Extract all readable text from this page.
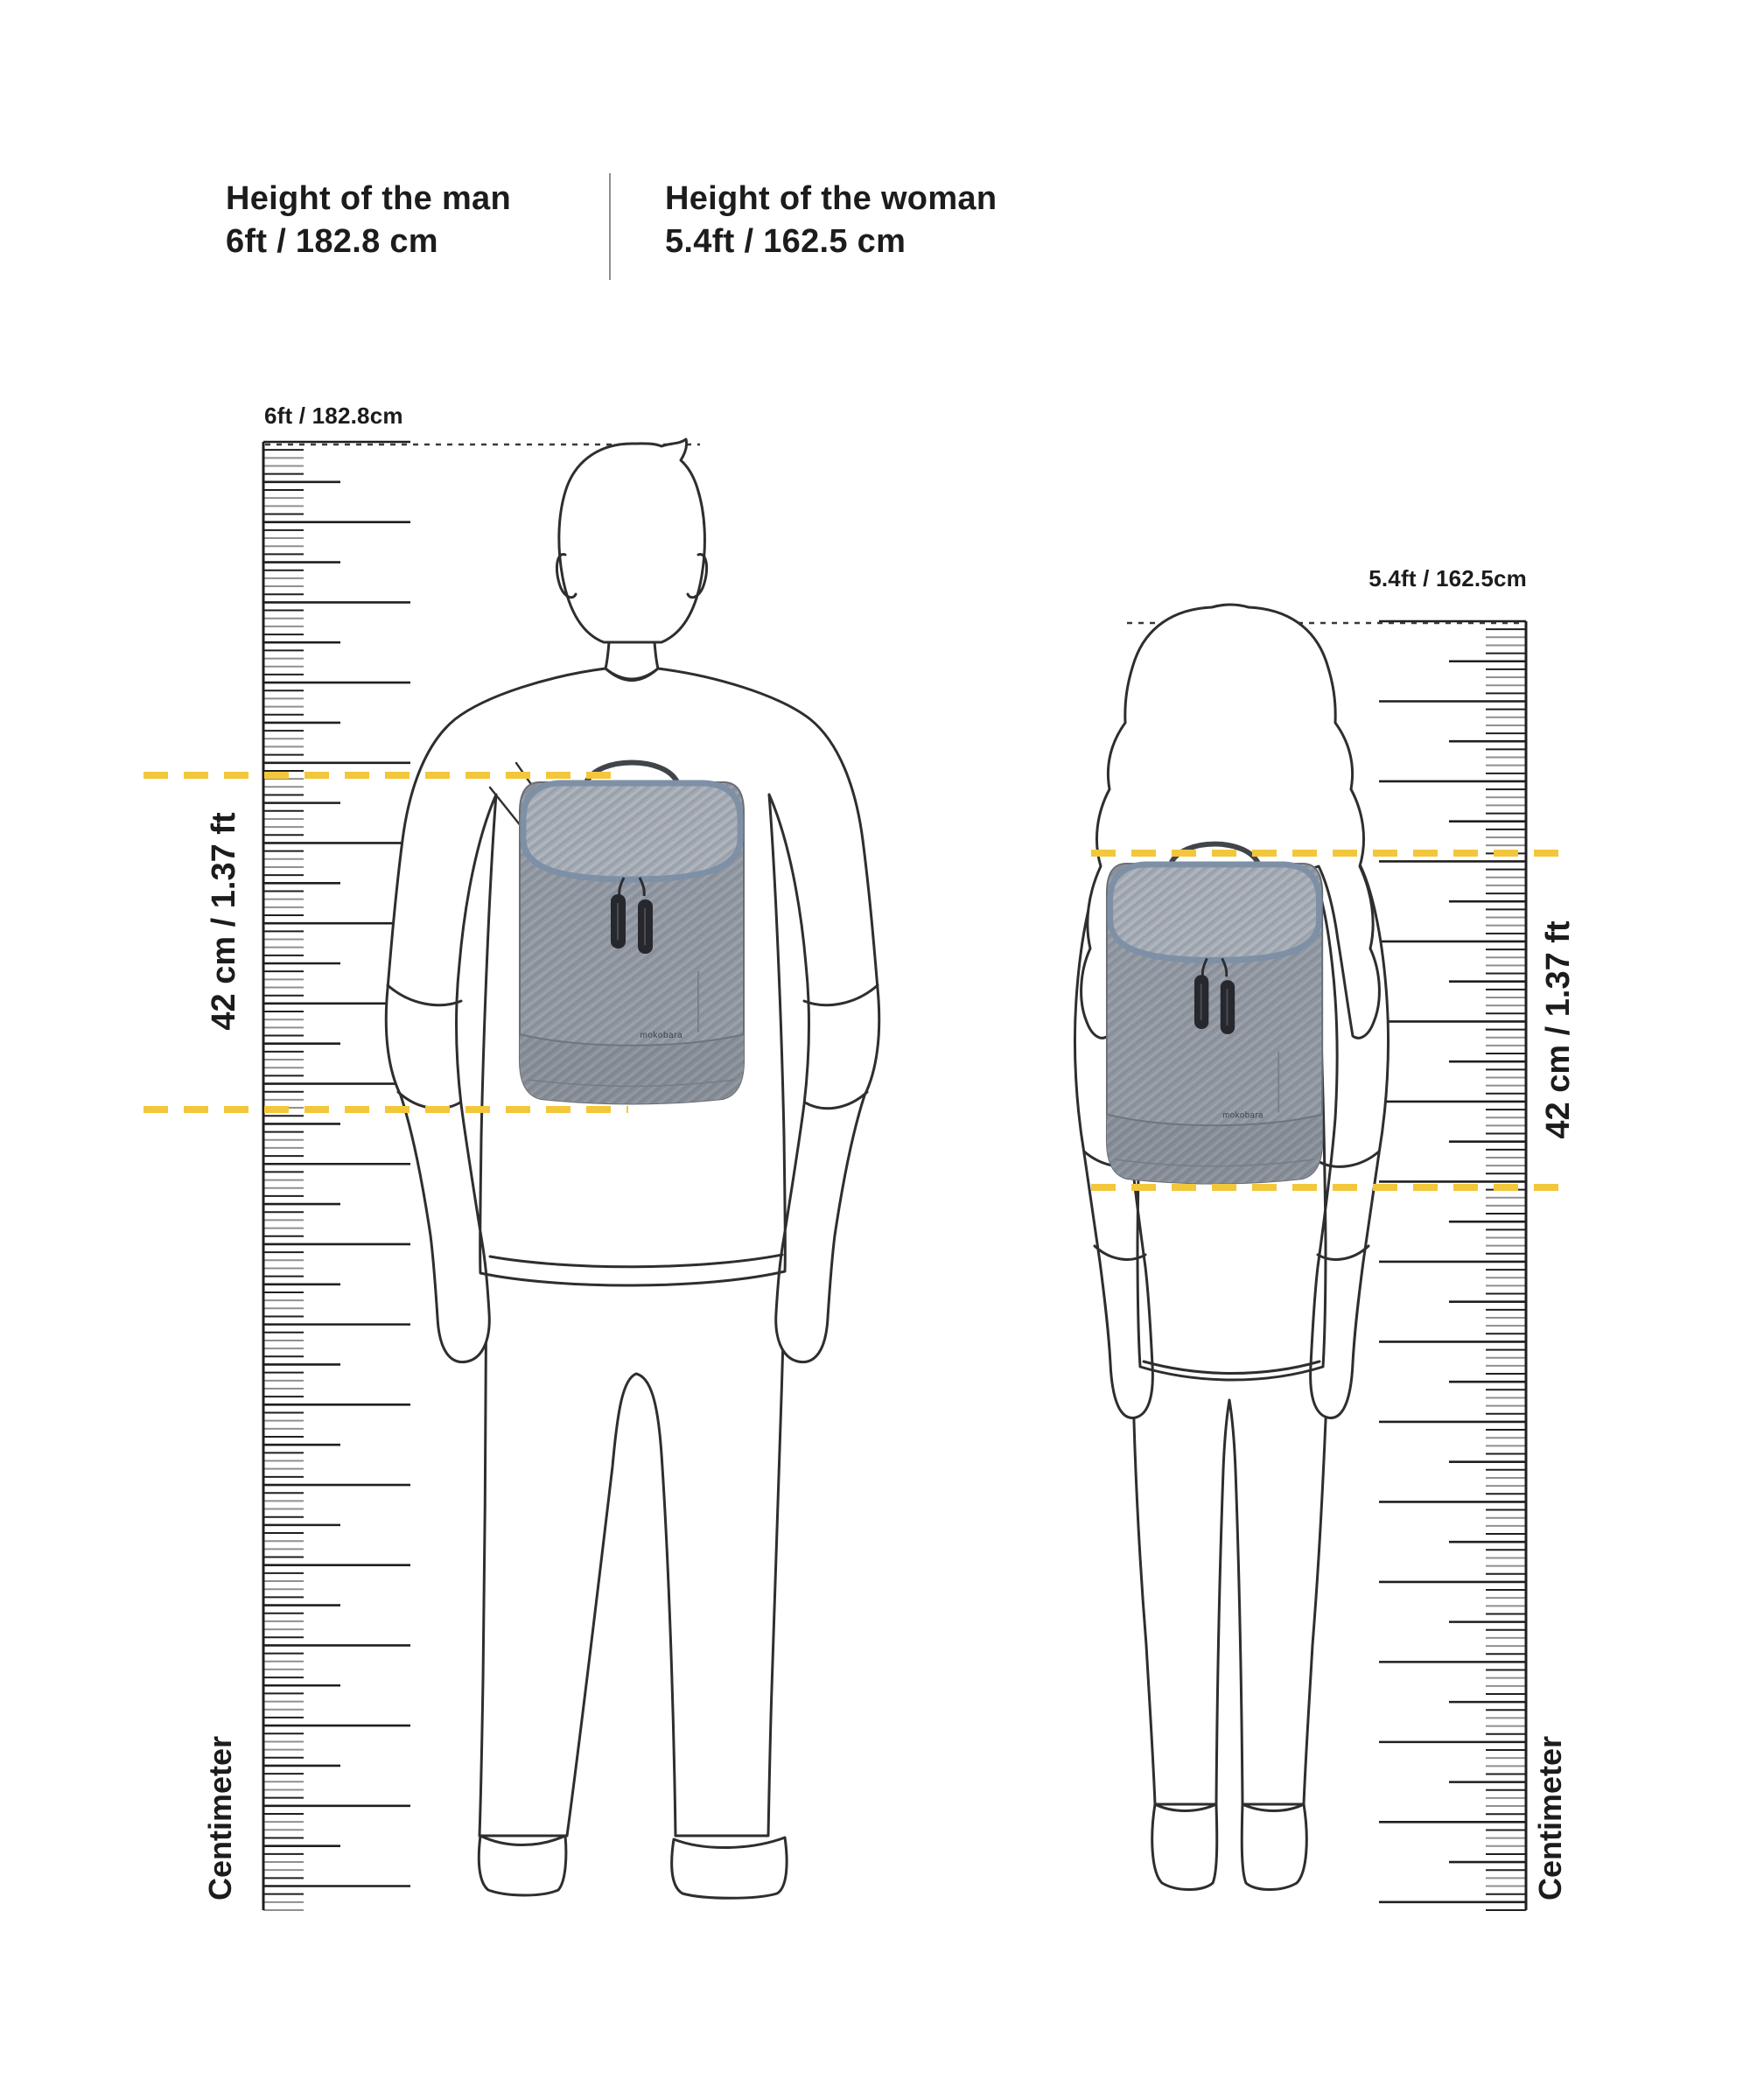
Height of the man
6ft / 182.8 cm
Height of the woman
5.4ft / 162.5 cm
mokobara
6ft / 182.8cm
5.4ft / 162.5cm
42 cm / 1.37 ft	42 cm / 1.37 ft
Centimeter	Centimeter
